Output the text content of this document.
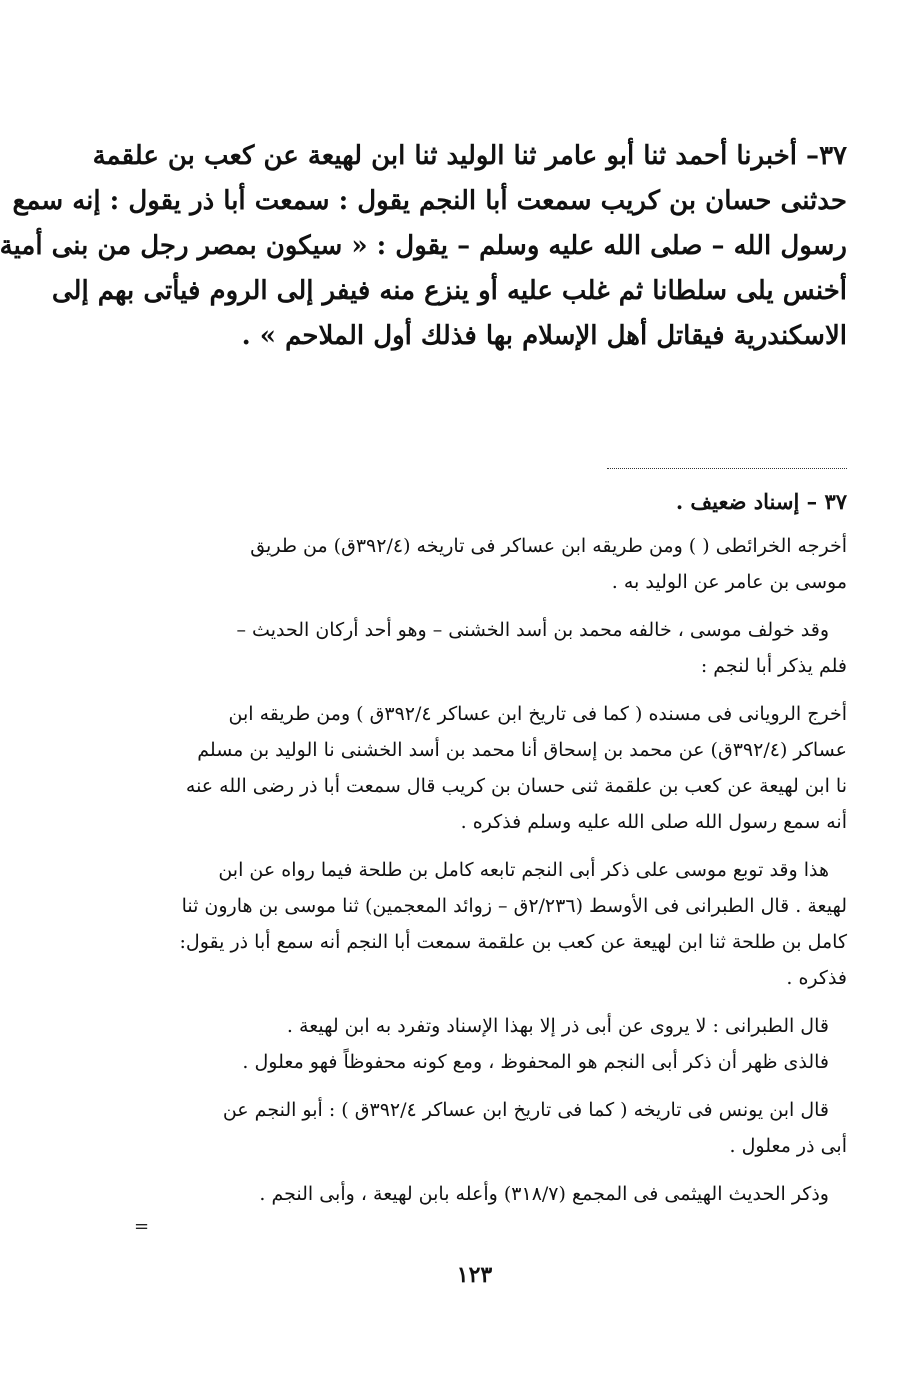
٣٧– أخبرنا أحمد ثنا أبو عامر ثنا الوليد ثنا ابن لهيعة عن كعب بن علقمة
حدثنى حسان بن كريب سمعت أبا النجم يقول : سمعت أبا ذر يقول : إنه سمع
رسول الله – صلى الله عليه وسلم – يقول : « سيكون بمصر رجل من بنى أمية
أخنس يلى سلطانا ثم غلب عليه أو ينزع منه فيفر إلى الروم فيأتى بهم إلى
الاسكندرية فيقاتل أهل الإسلام بها فذلك أول الملاحم » .
٣٧ – إسناد ضعيف .
أخرجه الخرائطى ( ) ومن طريقه ابن عساكر فى تاريخه (٣٩٢/٤ق) من طريق
موسى بن عامر عن الوليد به .
وقد خولف موسى ، خالفه محمد بن أسد الخشنى – وهو أحد أركان الحديث –
فلم يذكر أبا لنجم :
أخرج الرويانى فى مسنده ( كما فى تاريخ ابن عساكر ٣٩٢/٤ق ) ومن طريقه ابن
عساكر (٣٩٢/٤ق) عن محمد بن إسحاق أنا محمد بن أسد الخشنى نا الوليد بن مسلم
نا ابن لهيعة عن كعب بن علقمة ثنى حسان بن كريب قال سمعت أبا ذر رضى الله عنه
أنه سمع رسول الله صلى الله عليه وسلم فذكره .
هذا وقد توبع موسى على ذكر أبى النجم تابعه كامل بن طلحة فيما رواه عن ابن
لهيعة . قال الطبرانى فى الأوسط (٢/٢٣٦ق – زوائد المعجمين) ثنا موسى بن هارون ثنا
كامل بن طلحة ثنا ابن لهيعة عن كعب بن علقمة سمعت أبا النجم أنه سمع أبا ذر يقول:
فذكره .
قال الطبرانى : لا يروى عن أبى ذر إلا بهذا الإسناد وتفرد به ابن لهيعة .
فالذى ظهر أن ذكر أبى النجم هو المحفوظ ، ومع كونه محفوظاً فهو معلول .
قال ابن يونس فى تاريخه ( كما فى تاريخ ابن عساكر ٣٩٢/٤ق ) : أبو النجم عن
أبى ذر معلول .
وذكر الحديث الهيثمى فى المجمع (٣١٨/٧) وأعله بابن لهيعة ، وأبى النجم .
=
١٢٣
